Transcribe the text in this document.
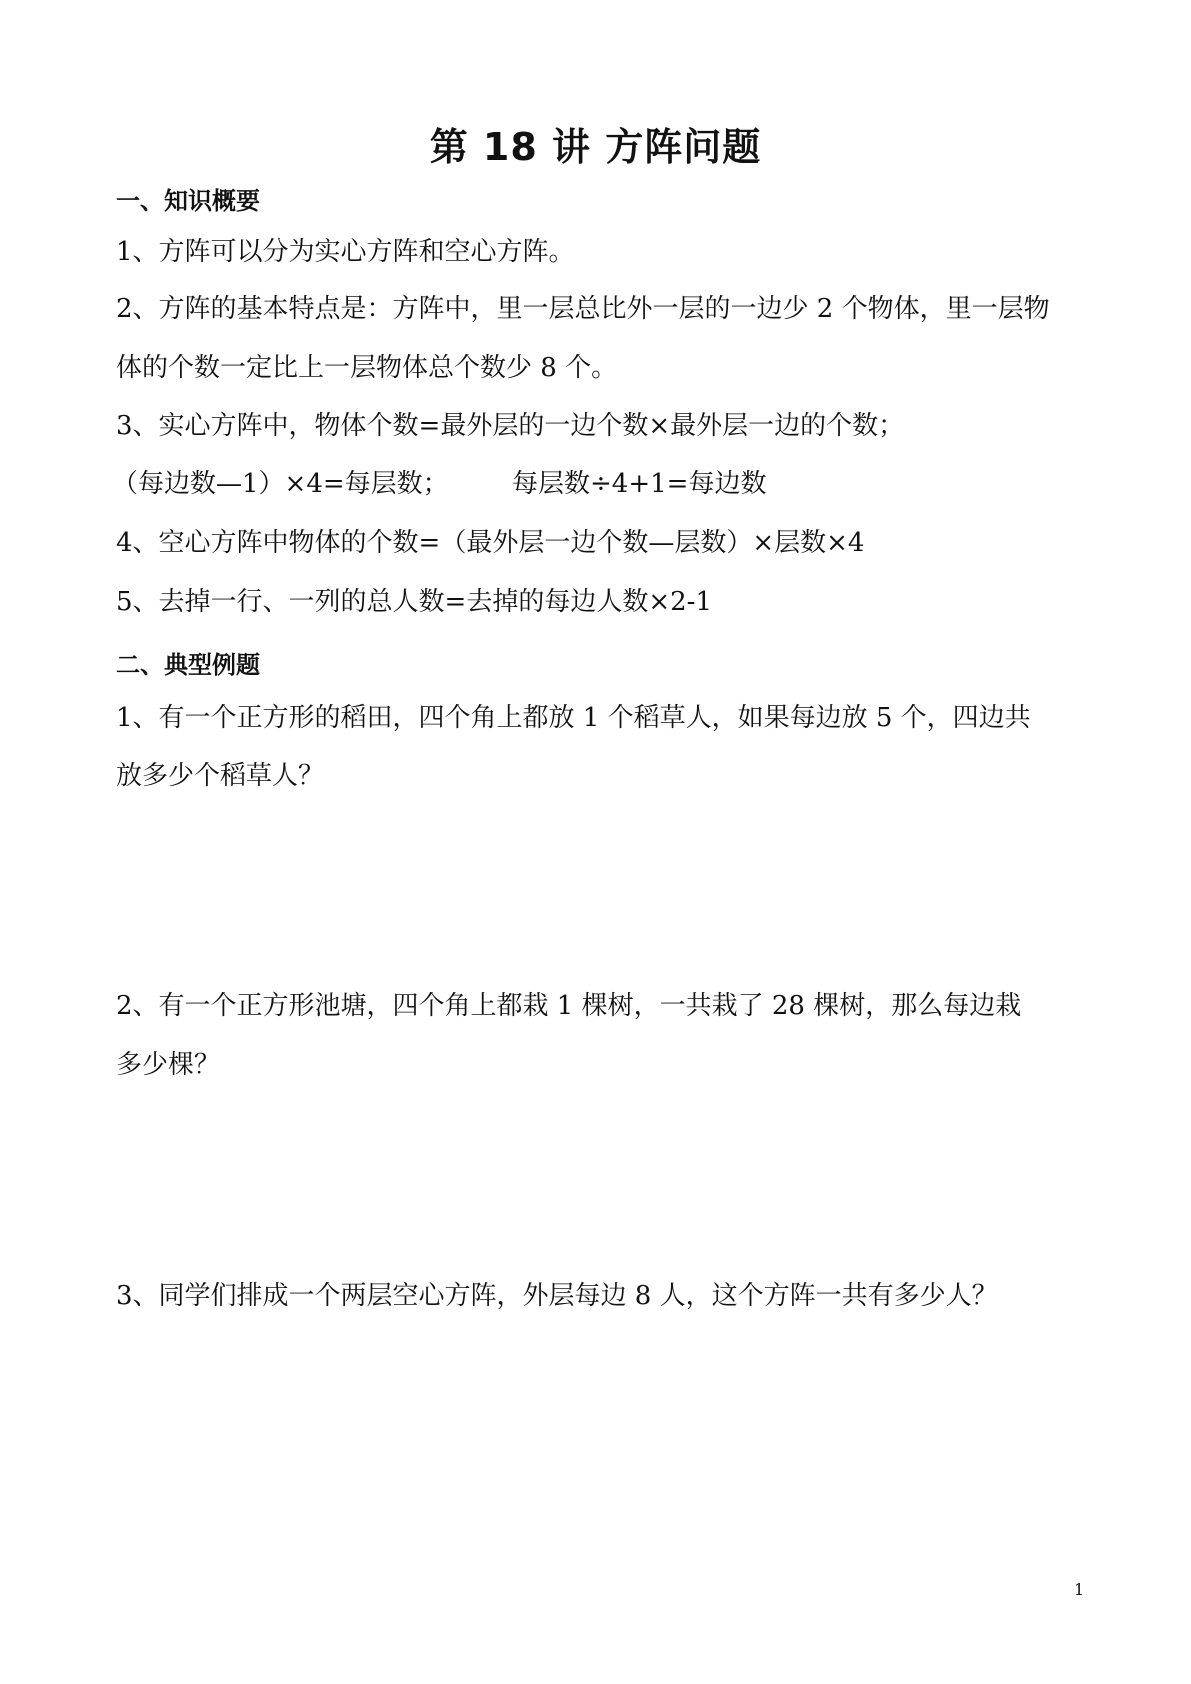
第 18 讲 方阵问题
一、知识概要
1、方阵可以分为实心方阵和空心方阵。
2、方阵的基本特点是：方阵中，里一层总比外一层的一边少 2 个物体，里一层物
体的个数一定比上一层物体总个数少 8 个。
3、实心方阵中，物体个数=最外层的一边个数×最外层一边的个数；
（每边数—1）×4=每层数； 每层数÷4+1=每边数
4、空心方阵中物体的个数=（最外层一边个数—层数）×层数×4
5、去掉一行、一列的总人数=去掉的每边人数×2-1
二、典型例题
1、有一个正方形的稻田，四个角上都放 1 个稻草人，如果每边放 5 个，四边共
放多少个稻草人？
2、有一个正方形池塘，四个角上都栽 1 棵树，一共栽了 28 棵树，那么每边栽
多少棵？
3、同学们排成一个两层空心方阵，外层每边 8 人，这个方阵一共有多少人？
1
